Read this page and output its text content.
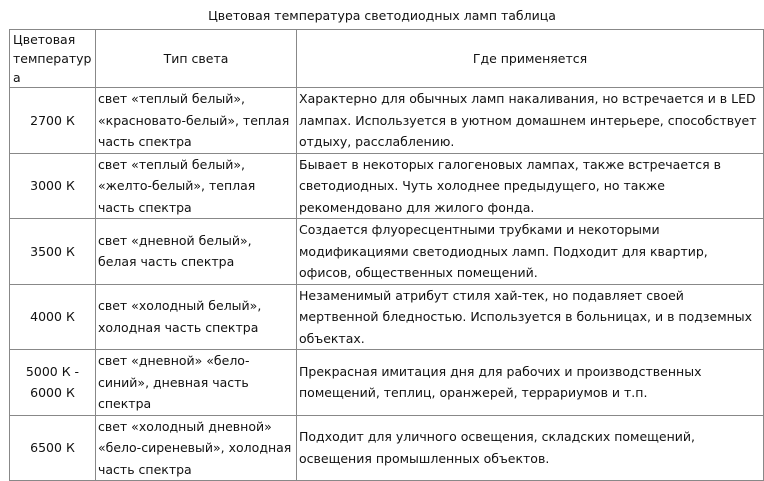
Цветовая температура светодиодных ламп таблица
Цветовая температура	Тип света	Где применяется
2700 К	свет «теплый белый», «красновато-белый», теплая часть спектра	Характерно для обычных ламп накаливания, но встречается и в LED лампах. Используется в уютном домашнем интерьере, способствует отдыху, расслаблению.
3000 К	свет «теплый белый», «желто-белый», теплая часть спектра	Бывает в некоторых галогеновых лампах, также встречается в светодиодных. Чуть холоднее предыдущего, но также рекомендовано для жилого фонда.
3500 К	свет «дневной белый», белая часть спектра	Создается флуоресцентными трубками и некоторыми модификациями светодиодных ламп. Подходит для квартир, офисов, общественных помещений.
4000 К	свет «холодный белый», холодная часть спектра	Незаменимый атрибут стиля хай-тек, но подавляет своей мертвенной бледностью. Используется в больницах, и в подземных объектах.
5000 К - 6000 К	свет «дневной» «бело-синий», дневная часть спектра	Прекрасная имитация дня для рабочих и производственных помещений, теплиц, оранжерей, террариумов и т.п.
6500 К	свет «холодный дневной» «бело-сиреневый», холодная часть спектра	Подходит для уличного освещения, складских помещений, освещения промышленных объектов.
